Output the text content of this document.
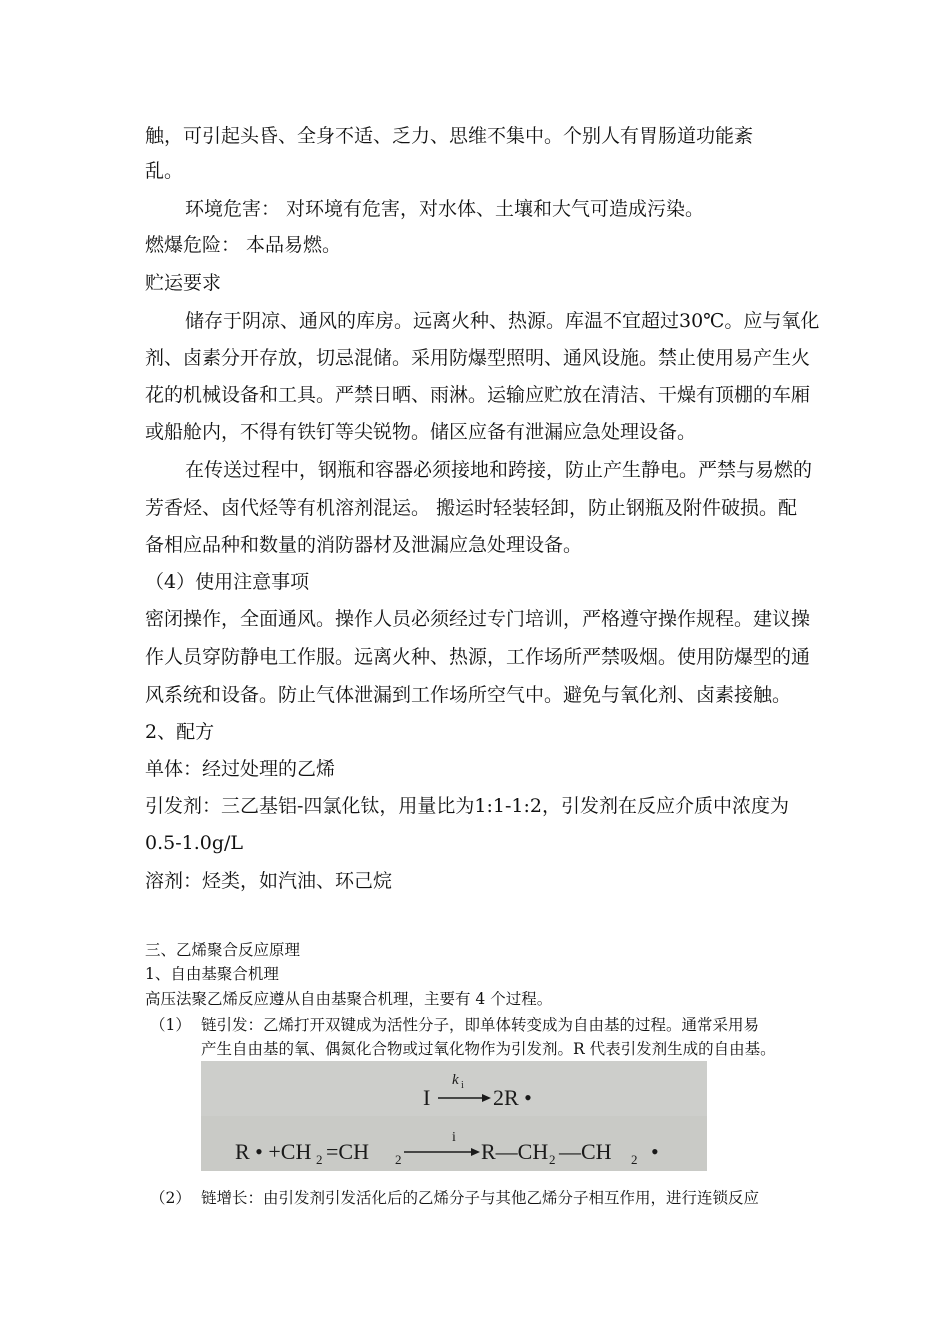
触，可引起头昏、全身不适、乏力、思维不集中。个别人有胃肠道功能紊
乱。
环境危害： 对环境有危害，对水体、土壤和大气可造成污染。
燃爆危险： 本品易燃。
贮运要求
储存于阴凉、通风的库房。远离火种、热源。库温不宜超过30℃。应与氧化
剂、卤素分开存放，切忌混储。采用防爆型照明、通风设施。禁止使用易产生火
花的机械设备和工具。严禁日晒、雨淋。运输应贮放在清洁、干燥有顶棚的车厢
或船舱内，不得有铁钉等尖锐物。储区应备有泄漏应急处理设备。
在传送过程中，钢瓶和容器必须接地和跨接，防止产生静电。严禁与易燃的
芳香烃、卤代烃等有机溶剂混运。 搬运时轻装轻卸，防止钢瓶及附件破损。配
备相应品种和数量的消防器材及泄漏应急处理设备。
（4）使用注意事项
密闭操作，全面通风。操作人员必须经过专门培训，严格遵守操作规程。建议操
作人员穿防静电工作服。远离火种、热源，工作场所严禁吸烟。使用防爆型的通
风系统和设备。防止气体泄漏到工作场所空气中。避免与氧化剂、卤素接触。
2、配方
单体：经过处理的乙烯
引发剂：三乙基铝-四氯化钛，用量比为1:1-1:2，引发剂在反应介质中浓度为
0.5-1.0g/L
溶剂：烃类，如汽油、环己烷
三、乙烯聚合反应原理
1、自由基聚合机理
高压法聚乙烯反应遵从自由基聚合机理，主要有 4 个过程。
（1） 链引发：乙烯打开双键成为活性分子，即单体转变成为自由基的过程。通常采用易
产生自由基的氧、偶氮化合物或过氧化物作为引发剂。R 代表引发剂生成的自由基。
I
k i 2R •
R • +CH 2 =CH 2
i
R—CH 2 —CH 2 •
（2） 链增长：由引发剂引发活化后的乙烯分子与其他乙烯分子相互作用，进行连锁反应
